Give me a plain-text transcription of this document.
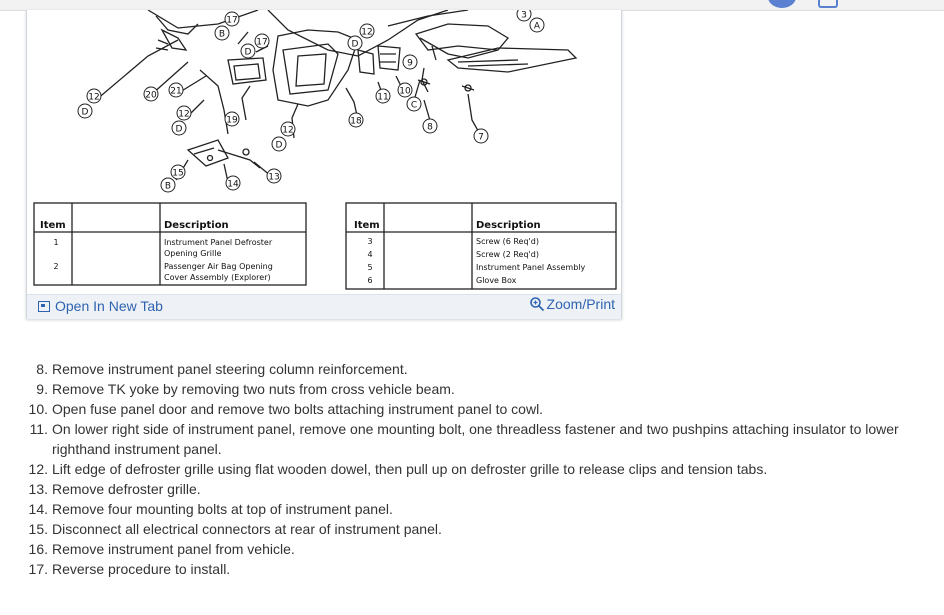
17
B
D
17	D
12
3
A
20 21
12
12
D
19
D
9
11
10
C
8
7
18
12
D
15
B
13
14
Item	Description
1	Instrument Panel Defroster
Opening Grille
2	Passenger Air Bag Opening
Cover Assembly (Explorer)
Item	Description
3	Screw (6 Req'd)
4	Screw (2 Req'd)
5	Instrument Panel Assembly
6	Glove Box
Open In New Tab	Zoom/Print
8. Remove instrument panel steering column reinforcement.
9. Remove TK yoke by removing two nuts from cross vehicle beam.
10. Open fuse panel door and remove two bolts attaching instrument panel to cowl.
11. On lower right side of instrument panel, remove one mounting bolt, one threadless fastener and two pushpins attaching insulator to lower righthand instrument panel.
12. Lift edge of defroster grille using flat wooden dowel, then pull up on defroster grille to release clips and tension tabs.
13. Remove defroster grille.
14. Remove four mounting bolts at top of instrument panel.
15. Disconnect all electrical connectors at rear of instrument panel.
16. Remove instrument panel from vehicle.
17. Reverse procedure to install.
